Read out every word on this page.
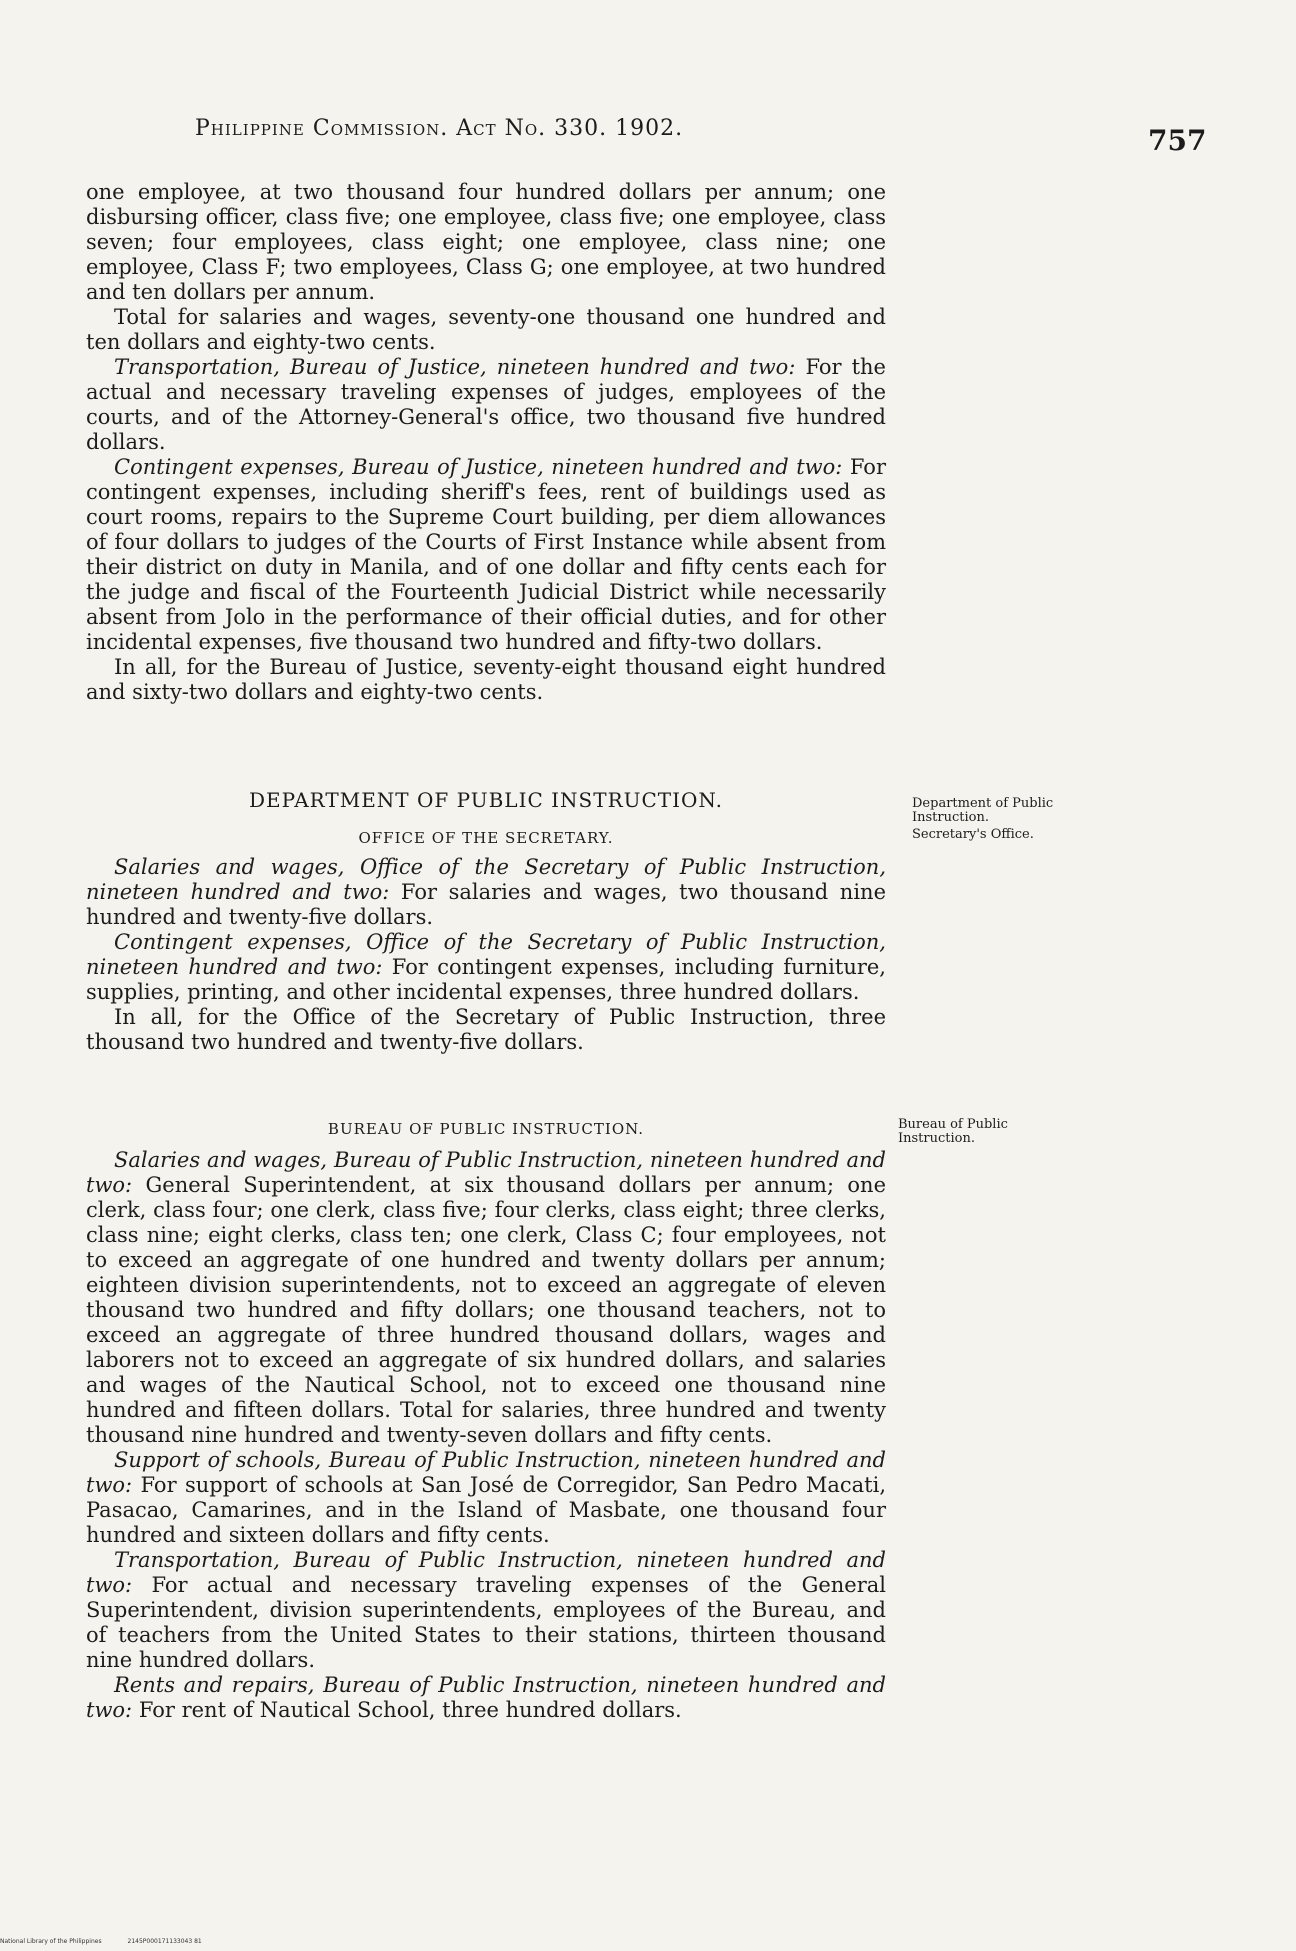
Philippine Commission. Act No. 330. 1902.	757

one employee, at two thousand four hundred dollars per annum; one disbursing officer, class five; one employee, class five; one employee, class seven; four employees, class eight; one employee, class nine; one employee, Class F; two employees, Class G; one employee, at two hundred and ten dollars per annum.

Total for salaries and wages, seventy-one thousand one hundred and ten dollars and eighty-two cents.

Transportation, Bureau of Justice, nineteen hundred and two: For the actual and necessary traveling expenses of judges, employees of the courts, and of the Attorney-General's office, two thousand five hundred dollars.

Contingent expenses, Bureau of Justice, nineteen hundred and two: For contingent expenses, including sheriff's fees, rent of buildings used as court rooms, repairs to the Supreme Court building, per diem allowances of four dollars to judges of the Courts of First Instance while absent from their district on duty in Manila, and of one dollar and fifty cents each for the judge and fiscal of the Fourteenth Judicial District while necessarily absent from Jolo in the performance of their official duties, and for other incidental expenses, five thousand two hundred and fifty-two dollars.

In all, for the Bureau of Justice, seventy-eight thousand eight hundred and sixty-two dollars and eighty-two cents.

DEPARTMENT OF PUBLIC INSTRUCTION.
OFFICE OF THE SECRETARY.
Department of Public Instruction.
Secretary's Office.

Salaries and wages, Office of the Secretary of Public Instruction, nineteen hundred and two: For salaries and wages, two thousand nine hundred and twenty-five dollars.

Contingent expenses, Office of the Secretary of Public Instruction, nineteen hundred and two: For contingent expenses, including furniture, supplies, printing, and other incidental expenses, three hundred dollars.

In all, for the Office of the Secretary of Public Instruction, three thousand two hundred and twenty-five dollars.

BUREAU OF PUBLIC INSTRUCTION.	Bureau of Public Instruction.

Salaries and wages, Bureau of Public Instruction, nineteen hundred and two: General Superintendent, at six thousand dollars per annum; one clerk, class four; one clerk, class five; four clerks, class eight; three clerks, class nine; eight clerks, class ten; one clerk, Class C; four employees, not to exceed an aggregate of one hundred and twenty dollars per annum; eighteen division superintendents, not to exceed an aggregate of eleven thousand two hundred and fifty dollars; one thousand teachers, not to exceed an aggregate of three hundred thousand dollars, wages and laborers not to exceed an aggregate of six hundred dollars, and salaries and wages of the Nautical School, not to exceed one thousand nine hundred and fifteen dollars. Total for salaries, three hundred and twenty thousand nine hundred and twenty-seven dollars and fifty cents.

Support of schools, Bureau of Public Instruction, nineteen hundred and two: For support of schools at San José de Corregidor, San Pedro Macati, Pasacao, Camarines, and in the Island of Masbate, one thousand four hundred and sixteen dollars and fifty cents.

Transportation, Bureau of Public Instruction, nineteen hundred and two: For actual and necessary traveling expenses of the General Superintendent, division superintendents, employees of the Bureau, and of teachers from the United States to their stations, thirteen thousand nine hundred dollars.

Rents and repairs, Bureau of Public Instruction, nineteen hundred and two: For rent of Nautical School, three hundred dollars.

National Library of the Philippines	2145P000171133043 81
